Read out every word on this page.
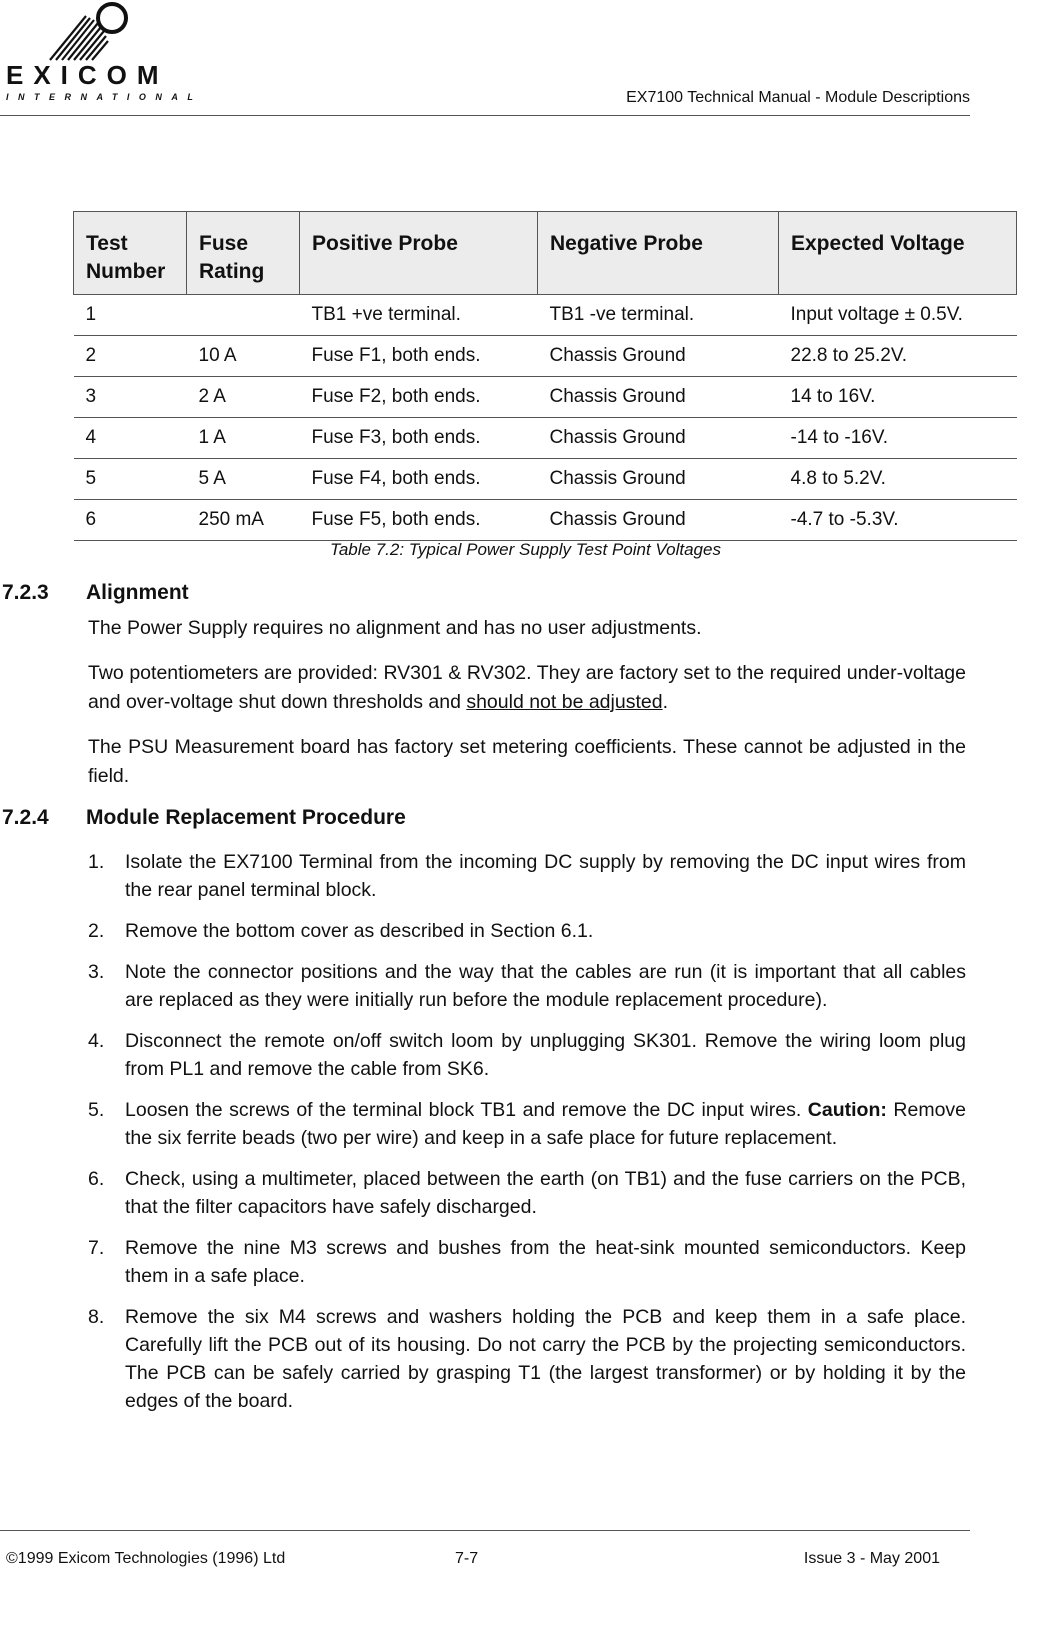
EXICOM
INTERNATIONAL	EX7100 Technical Manual - Module Descriptions
Test Number	Fuse Rating	Positive Probe	Negative Probe	Expected Voltage
1		TB1 +ve terminal.	TB1 -ve terminal.	Input voltage ± 0.5V.
2	10 A	Fuse F1, both ends.	Chassis Ground	22.8 to 25.2V.
3	2 A	Fuse F2, both ends.	Chassis Ground	14 to 16V.
4	1 A	Fuse F3, both ends.	Chassis Ground	-14 to -16V.
5	5 A	Fuse F4, both ends.	Chassis Ground	4.8 to 5.2V.
6	250 mA	Fuse F5, both ends.	Chassis Ground	-4.7 to -5.3V.
Table 7.2: Typical Power Supply Test Point Voltages
7.2.3 Alignment
The Power Supply requires no alignment and has no user adjustments.
Two potentiometers are provided: RV301 & RV302. They are factory set to the required under-voltage and over-voltage shut down thresholds and should not be adjusted.
The PSU Measurement board has factory set metering coefficients. These cannot be adjusted in the field.
7.2.4 Module Replacement Procedure
1. Isolate the EX7100 Terminal from the incoming DC supply by removing the DC input wires from the rear panel terminal block.
2. Remove the bottom cover as described in Section 6.1.
3. Note the connector positions and the way that the cables are run (it is important that all cables are replaced as they were initially run before the module replacement procedure).
4. Disconnect the remote on/off switch loom by unplugging SK301. Remove the wiring loom plug from PL1 and remove the cable from SK6.
5. Loosen the screws of the terminal block TB1 and remove the DC input wires. Caution: Remove the six ferrite beads (two per wire) and keep in a safe place for future replacement.
6. Check, using a multimeter, placed between the earth (on TB1) and the fuse carriers on the PCB, that the filter capacitors have safely discharged.
7. Remove the nine M3 screws and bushes from the heat-sink mounted semiconductors. Keep them in a safe place.
8. Remove the six M4 screws and washers holding the PCB and keep them in a safe place. Carefully lift the PCB out of its housing. Do not carry the PCB by the projecting semiconductors. The PCB can be safely carried by grasping T1 (the largest transformer) or by holding it by the edges of the board.
©1999 Exicom Technologies (1996) Ltd	7-7	Issue 3 - May 2001
